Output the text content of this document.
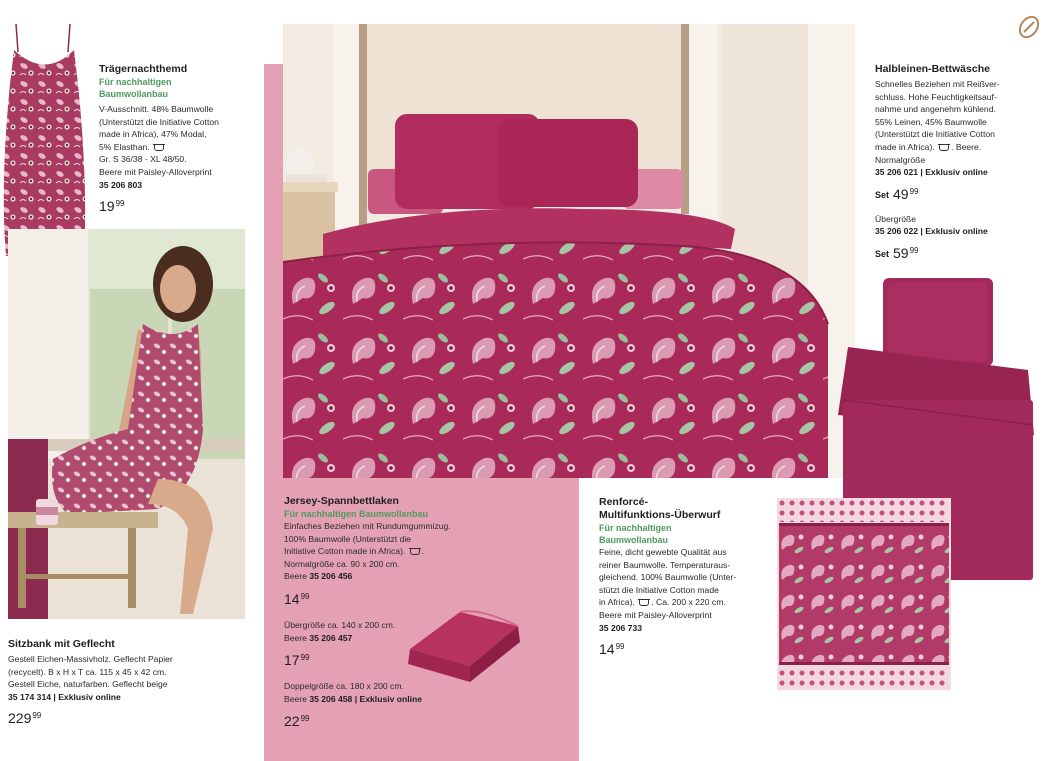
Trägernachthemd
Für nachhaltigen
Baumwollanbau
V-Ausschnitt. 48% Baumwolle
(Unterstützt die Initiative Cotton
made in Africa), 47% Modal,
5% Elasthan.
Gr. S 36/38 - XL 48/50.
Beere mit Paisley-Alloverprint
35 206 803
$19^{99}$
Sitzbank mit Geflecht
Gestell Eichen-Massivholz. Geflecht Papier
(recycelt). B x H x T ca. 115 x 45 x 42 cm.
Gestell Eiche, naturfarben. Geflecht beige
35 174 314 | Exklusiv online
$229^{99}$
Jersey-Spannbettlaken
Für nachhaltigen Baumwollanbau
Einfaches Beziehen mit Rundumgummizug.
100% Baumwolle (Unterstützt die
Initiative Cotton made in Africa). .
Normalgröße ca. 90 x 200 cm.
Beere 35 206 456
$14^{99}$
Übergröße ca. 140 x 200 cm.
Beere 35 206 457
$17^{99}$
Doppelgröße ca. 180 x 200 cm.
Beere 35 206 458 | Exklusiv online
$22^{99}$
Renforcé-
Multifunktions-Überwurf
Für nachhaltigen
Baumwollanbau
Feine, dicht gewebte Qualität aus
reiner Baumwolle. Temperaturaus-
gleichend. 100% Baumwolle (Unter-
stützt die Initiative Cotton made
in Africa). . Ca. 200 x 220 cm.
Beere mit Paisley-Alloverprint
35 206 733
$14^{99}$
Halbleinen-Bettwäsche
Schnelles Beziehen mit Reißver-
schluss. Hohe Feuchtigkeitsauf-
nahme und angenehm kühlend.
55% Leinen, 45% Baumwolle
(Unterstützt die Initiative Cotton
made in Africa). . Beere.
Normalgröße
35 206 021 | Exklusiv online
Set $49^{99}$
Übergröße
35 206 022 | Exklusiv online
Set $59^{99}$
